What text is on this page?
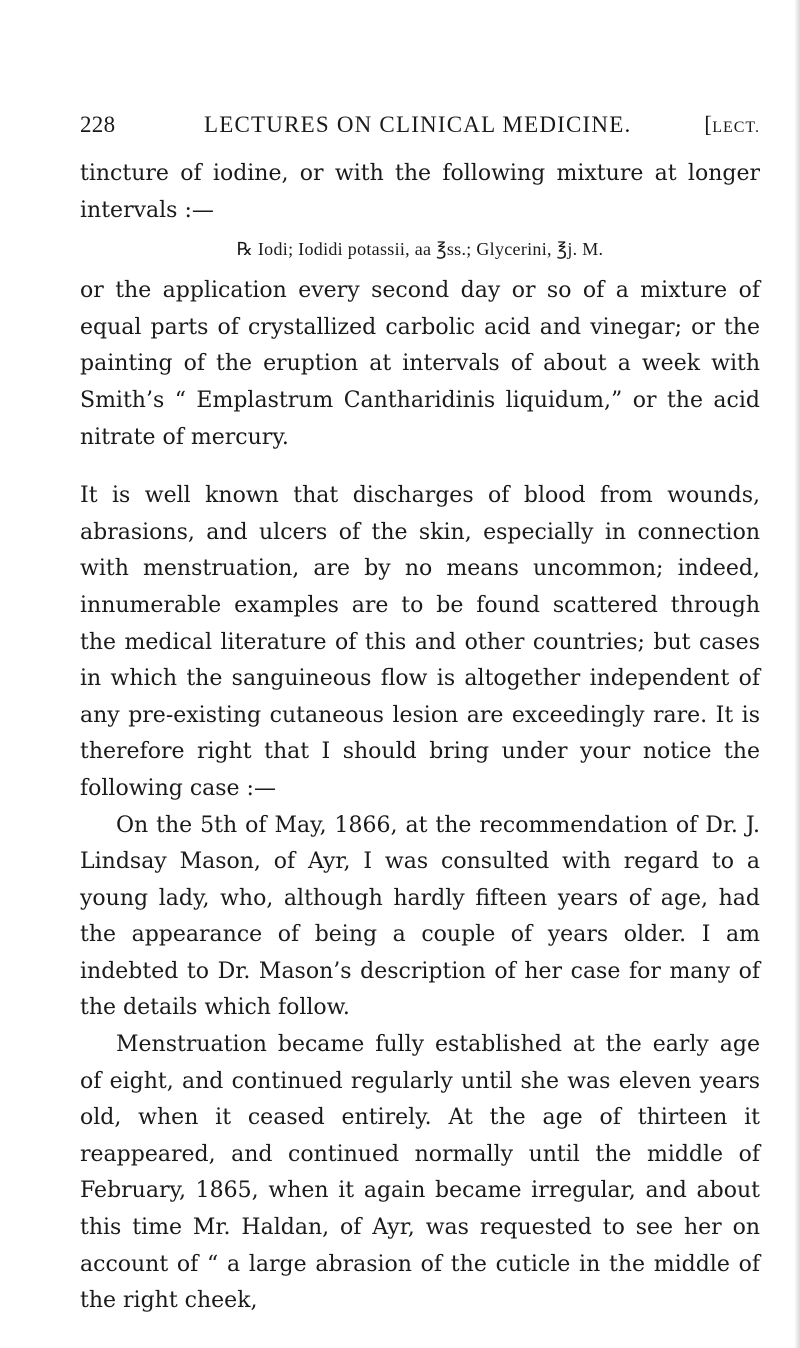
228	LECTURES ON CLINICAL MEDICINE.	[LECT.

tincture of iodine, or with the following mixture at longer intervals :—

℞ Iodi; Iodidi potassii, aa ℥ss.; Glycerini, ℥j. M.

or the application every second day or so of a mixture of equal parts of crystallized carbolic acid and vinegar; or the painting of the eruption at intervals of about a week with Smith’s “ Emplastrum Cantharidinis liquidum,” or the acid nitrate of mercury.

It is well known that discharges of blood from wounds, abrasions, and ulcers of the skin, especially in connection with menstruation, are by no means uncommon; indeed, innumerable examples are to be found scattered through the medical literature of this and other countries; but cases in which the sanguineous flow is altogether independent of any pre-existing cutaneous lesion are exceedingly rare. It is therefore right that I should bring under your notice the following case :—

On the 5th of May, 1866, at the recommendation of Dr. J. Lindsay Mason, of Ayr, I was consulted with regard to a young lady, who, although hardly fifteen years of age, had the appearance of being a couple of years older. I am indebted to Dr. Mason’s description of her case for many of the details which follow.

Menstruation became fully established at the early age of eight, and continued regularly until she was eleven years old, when it ceased entirely. At the age of thirteen it reappeared, and continued normally until the middle of February, 1865, when it again became irregular, and about this time Mr. Haldan, of Ayr, was requested to see her on account of “ a large abrasion of the cuticle in the middle of the right cheek,
